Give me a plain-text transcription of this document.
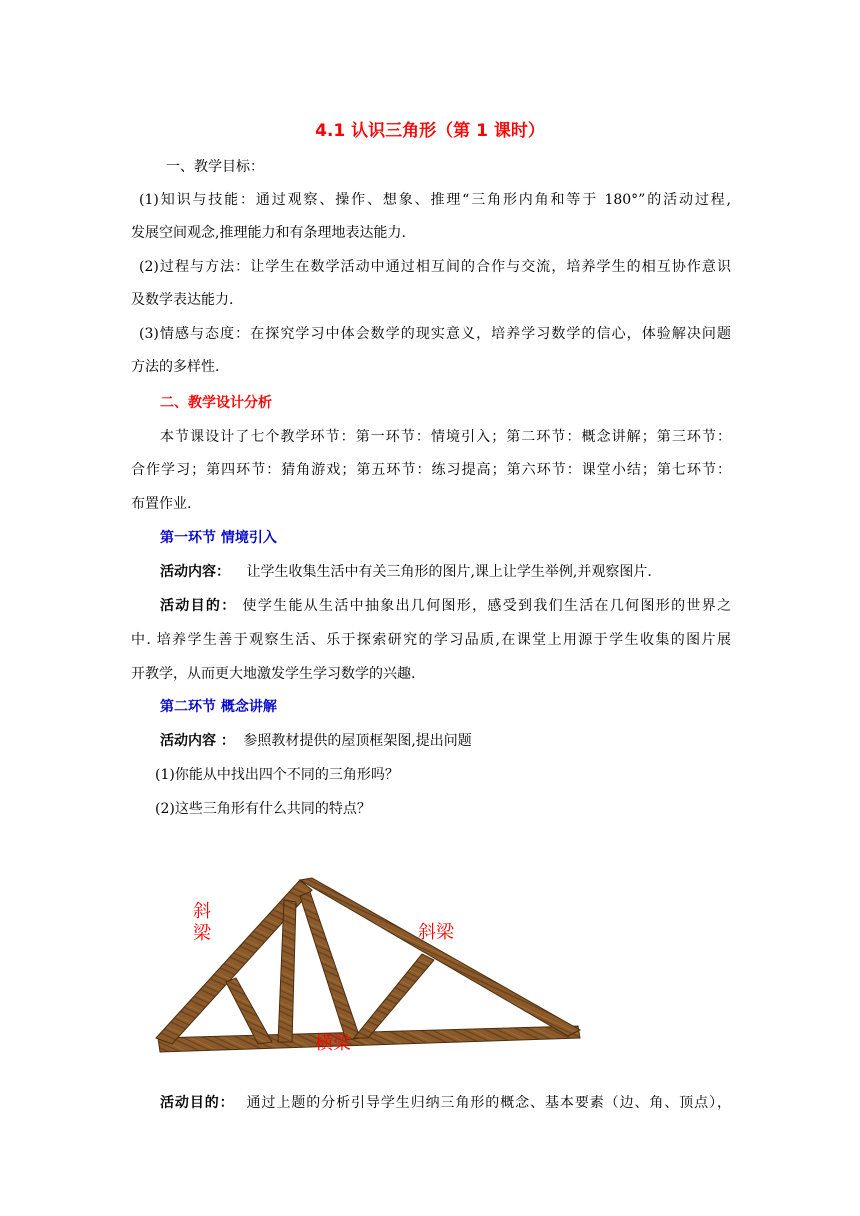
4.1 认识三角形（第 1 课时）
一、教学目标：
(1)知识与技能：通过观察、操作、想象、推理“三角形内角和等于 180°”的活动过程,
发展空间观念,推理能力和有条理地表达能力.
(2)过程与方法：让学生在数学活动中通过相互间的合作与交流，培养学生的相互协作意识
及数学表达能力.
(3)情感与态度：在探究学习中体会数学的现实意义，培养学习数学的信心，体验解决问题
方法的多样性.
二、教学设计分析
本节课设计了七个教学环节：第一环节：情境引入；第二环节：概念讲解；第三环节：
合作学习；第四环节：猜角游戏；第五环节：练习提高；第六环节：课堂小结；第七环节：
布置作业.
第一环节 情境引入
活动内容： 让学生收集生活中有关三角形的图片,课上让学生举例,并观察图片.
活动目的： 使学生能从生活中抽象出几何图形，感受到我们生活在几何图形的世界之
中. 培养学生善于观察生活、乐于探索研究的学习品质,在课堂上用源于学生收集的图片展
开教学，从而更大地激发学生学习数学的兴趣.
第二环节 概念讲解
活动内容 ： 参照教材提供的屋顶框架图,提出问题
(1)你能从中找出四个不同的三角形吗？
(2)这些三角形有什么共同的特点？
斜梁	斜梁
横梁
活动目的： 通过上题的分析引导学生归纳三角形的概念、基本要素（边、角、顶点），
